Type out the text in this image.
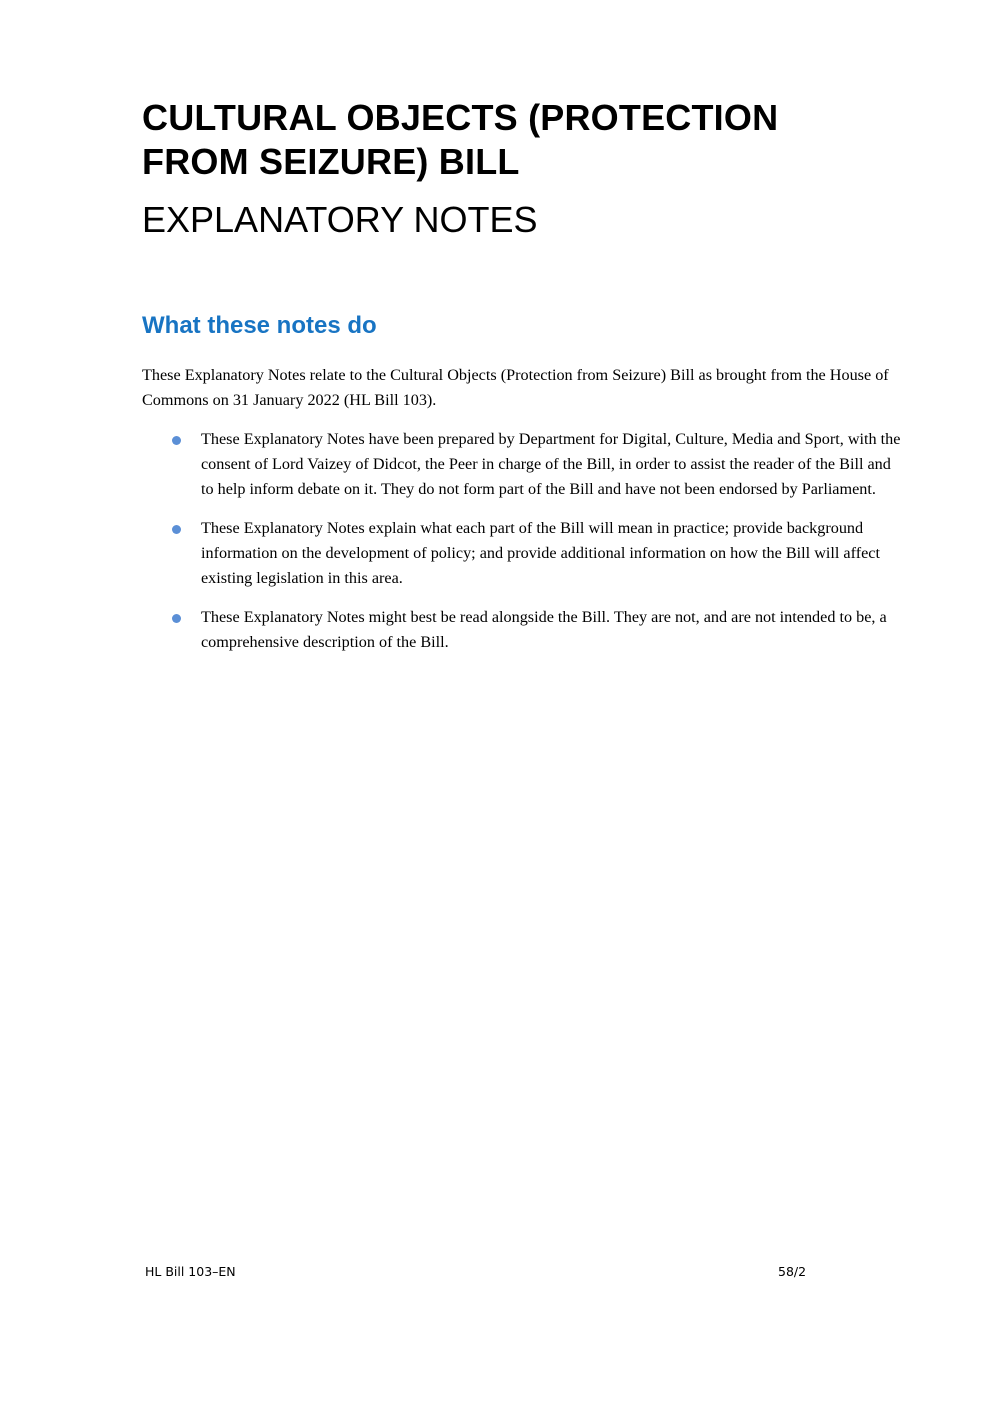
CULTURAL OBJECTS (PROTECTION FROM SEIZURE) BILL
EXPLANATORY NOTES
What these notes do

These Explanatory Notes relate to the Cultural Objects (Protection from Seizure) Bill as brought from the House of Commons on 31 January 2022 (HL Bill 103).

These Explanatory Notes have been prepared by Department for Digital, Culture, Media and Sport, with the consent of Lord Vaizey of Didcot, the Peer in charge of the Bill, in order to assist the reader of the Bill and to help inform debate on it. They do not form part of the Bill and have not been endorsed by Parliament.
These Explanatory Notes explain what each part of the Bill will mean in practice; provide background information on the development of policy; and provide additional information on how the Bill will affect existing legislation in this area.
These Explanatory Notes might best be read alongside the Bill. They are not, and are not intended to be, a comprehensive description of the Bill.
HL Bill 103–EN	58/2
